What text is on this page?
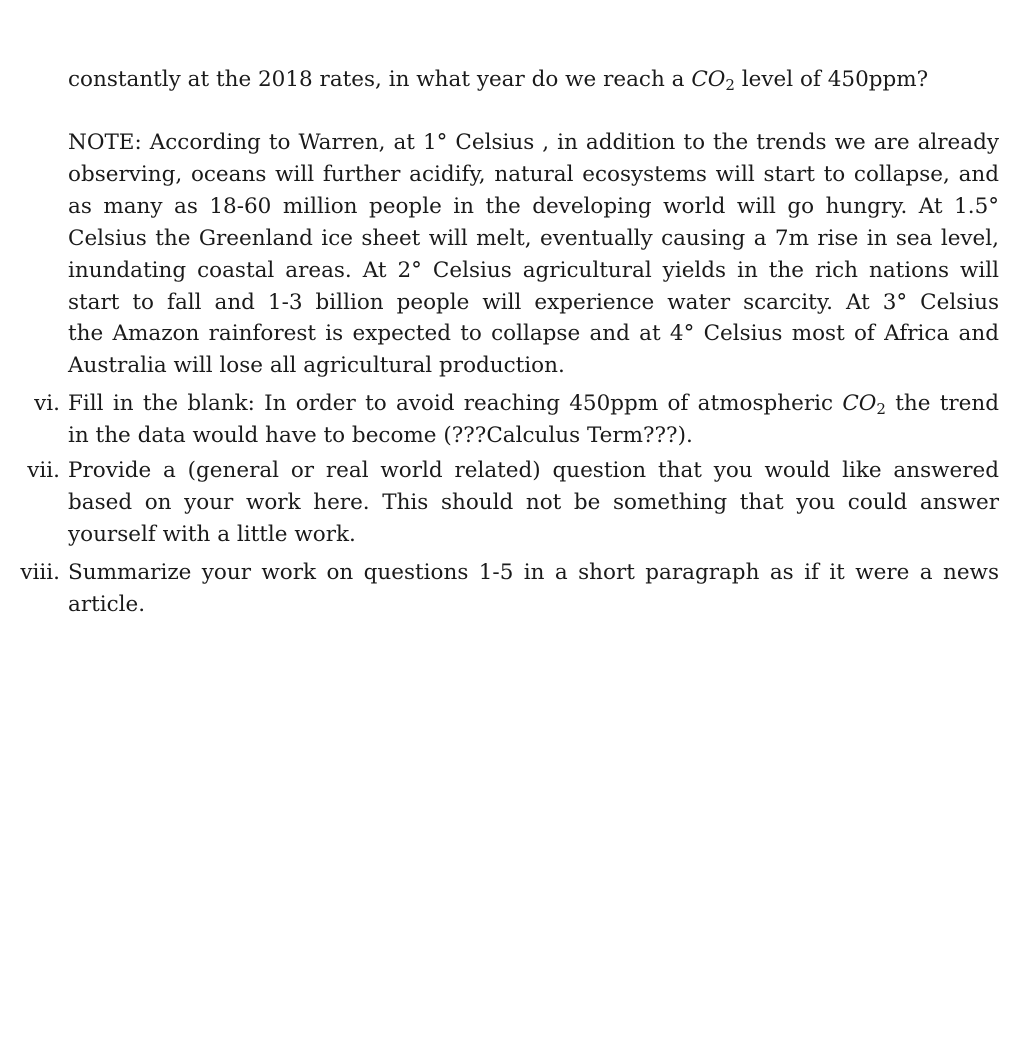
constantly at the 2018 rates, in what year do we reach a $CO_2$ level of 450ppm?
NOTE: According to Warren, at 1° Celsius , in addition to the trends we are already
observing, oceans will further acidify, natural ecosystems will start to collapse, and
as many as 18-60 million people in the developing world will go hungry. At 1.5°
Celsius the Greenland ice sheet will melt, eventually causing a 7m rise in sea level,
inundating coastal areas. At 2° Celsius agricultural yields in the rich nations will
start to fall and 1-3 billion people will experience water scarcity. At 3° Celsius
the Amazon rainforest is expected to collapse and at 4° Celsius most of Africa and
Australia will lose all agricultural production.
vi. Fill in the blank: In order to avoid reaching 450ppm of atmospheric $CO_2$ the trend
in the data would have to become (???Calculus Term???).
vii. Provide a (general or real world related) question that you would like answered
based on your work here. This should not be something that you could answer
yourself with a little work.
viii. Summarize your work on questions 1-5 in a short paragraph as if it were a news
article.
